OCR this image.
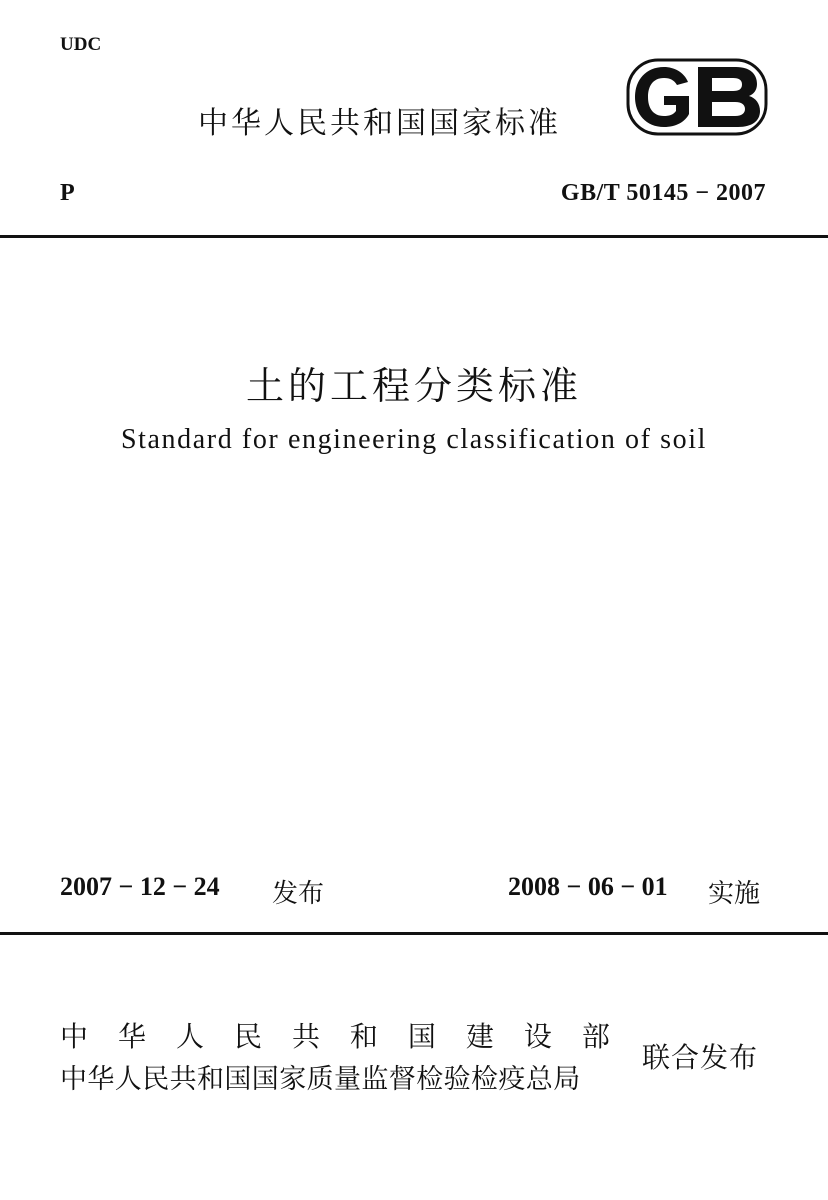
UDC
中华人民共和国国家标准
P	GB/T 50145 − 2007
土的工程分类标准
Standard for engineering classification of soil
2007 − 12 − 24 发布	2008 − 06 − 01 实施
中 华 人 民 共 和 国 建 设 部
中华人民共和国国家质量监督检验检疫总局
联合发布
